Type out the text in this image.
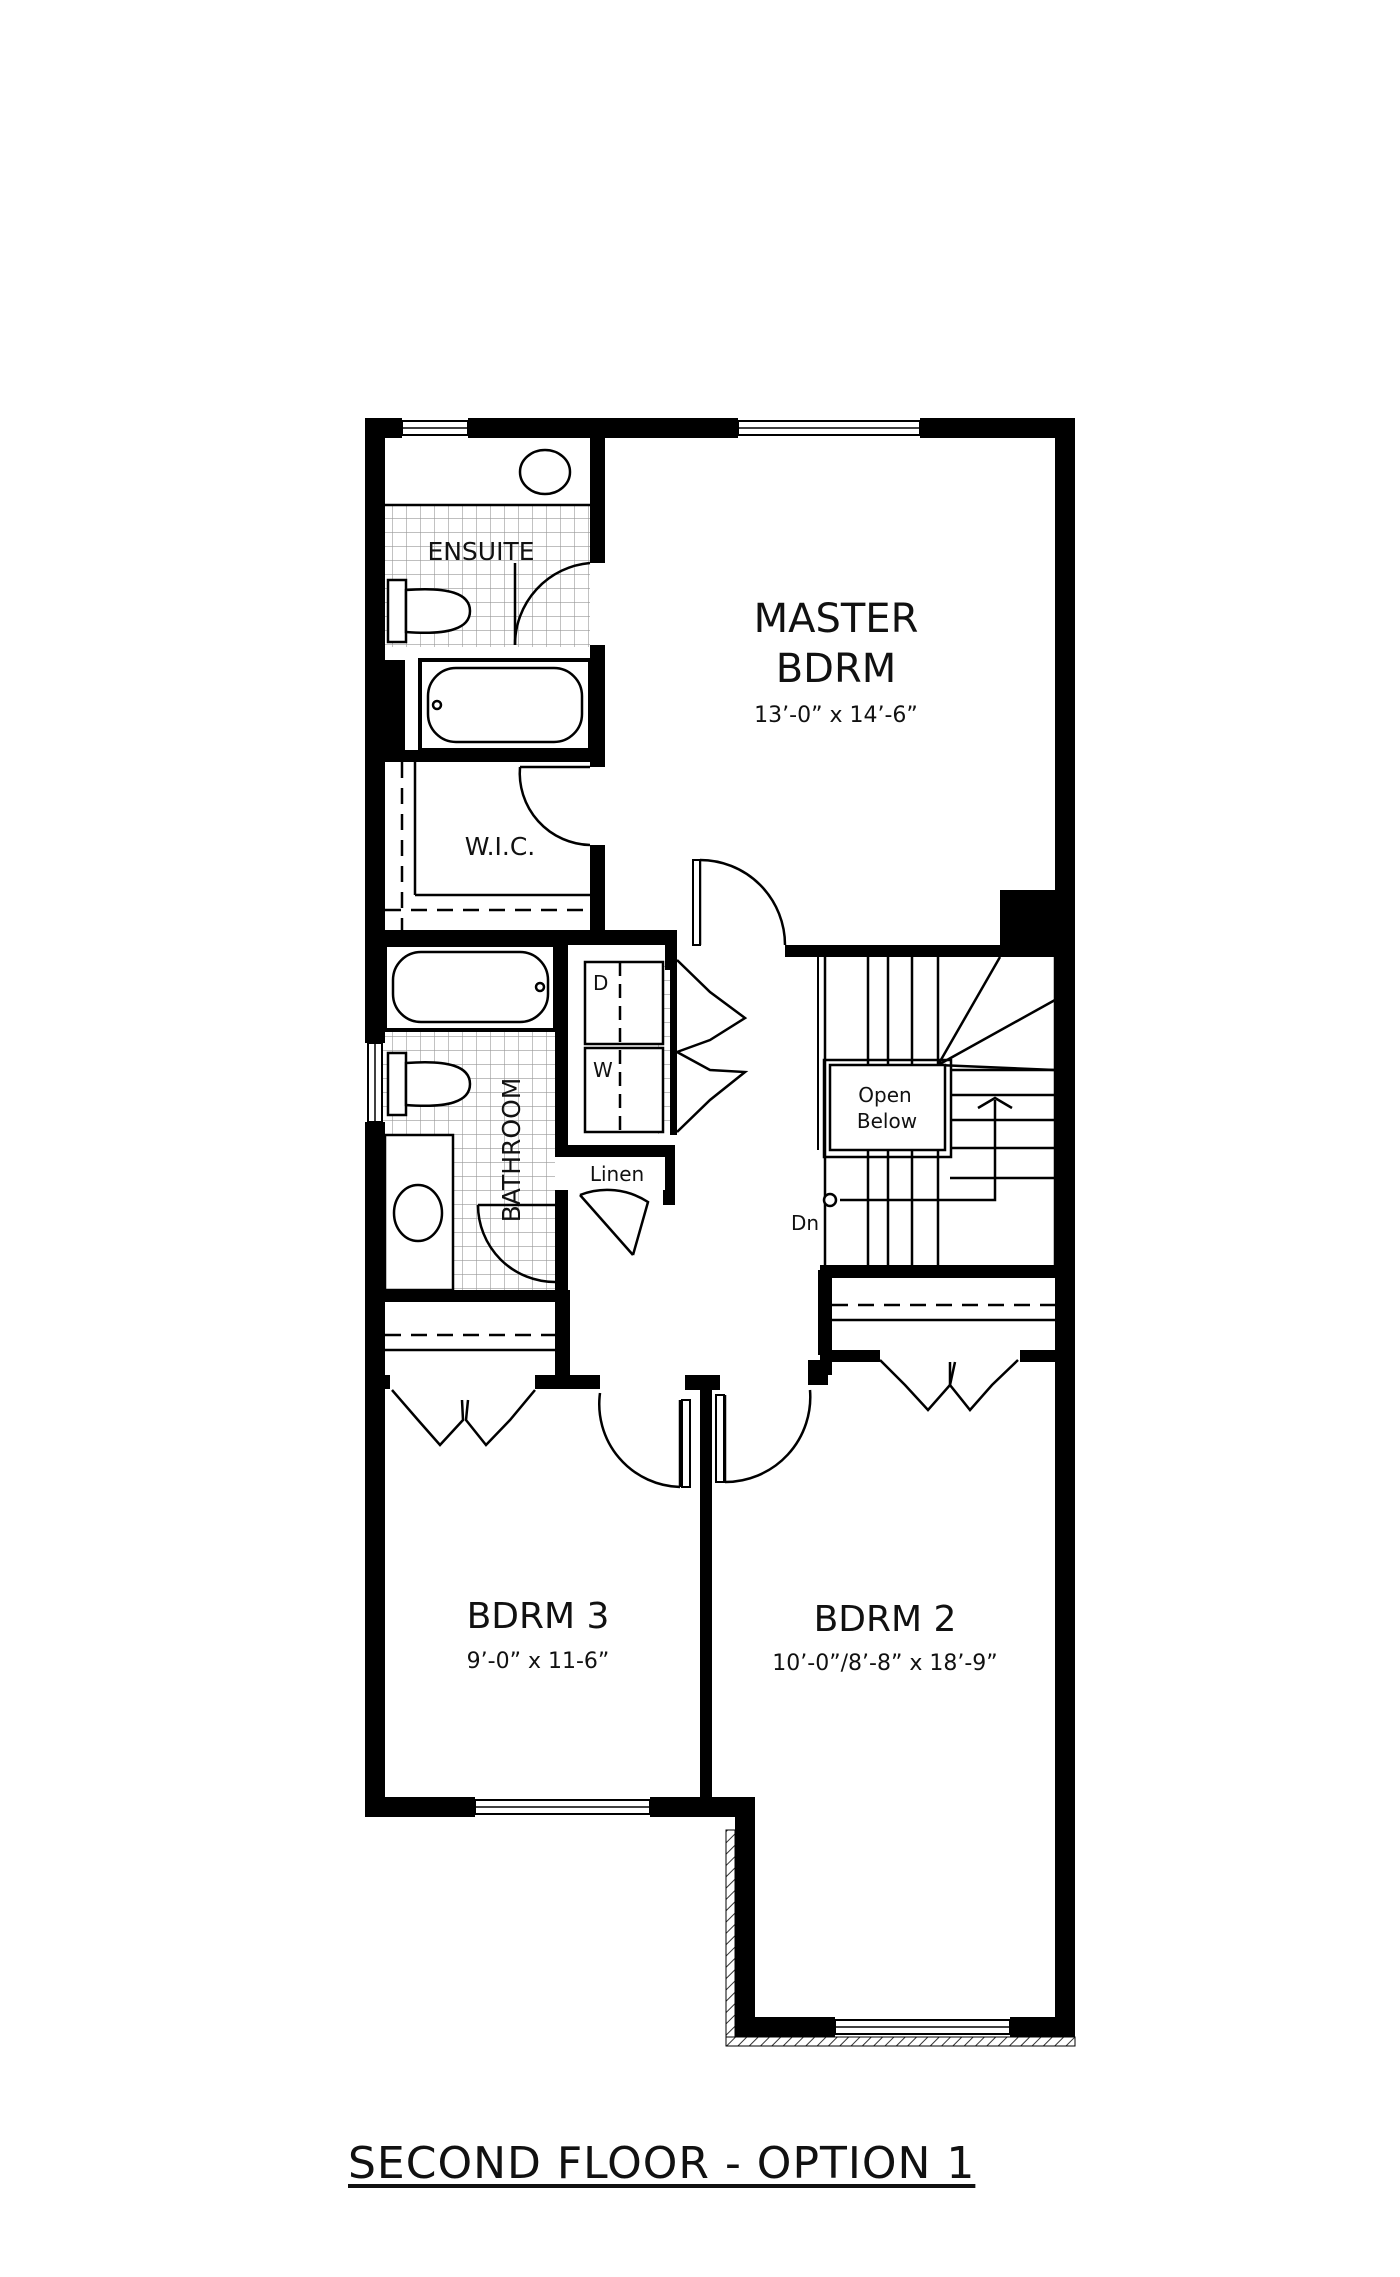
ENSUITE
MASTER
BDRM
13’-0” x 14’-6”
W.I.C.
D
W
BATHROOM	Linen
Open
Below
Dn
BDRM 3
9’-0” x 11-6”
BDRM 2
10’-0”/8’-8” x 18’-9”
SECOND FLOOR - OPTION 1
